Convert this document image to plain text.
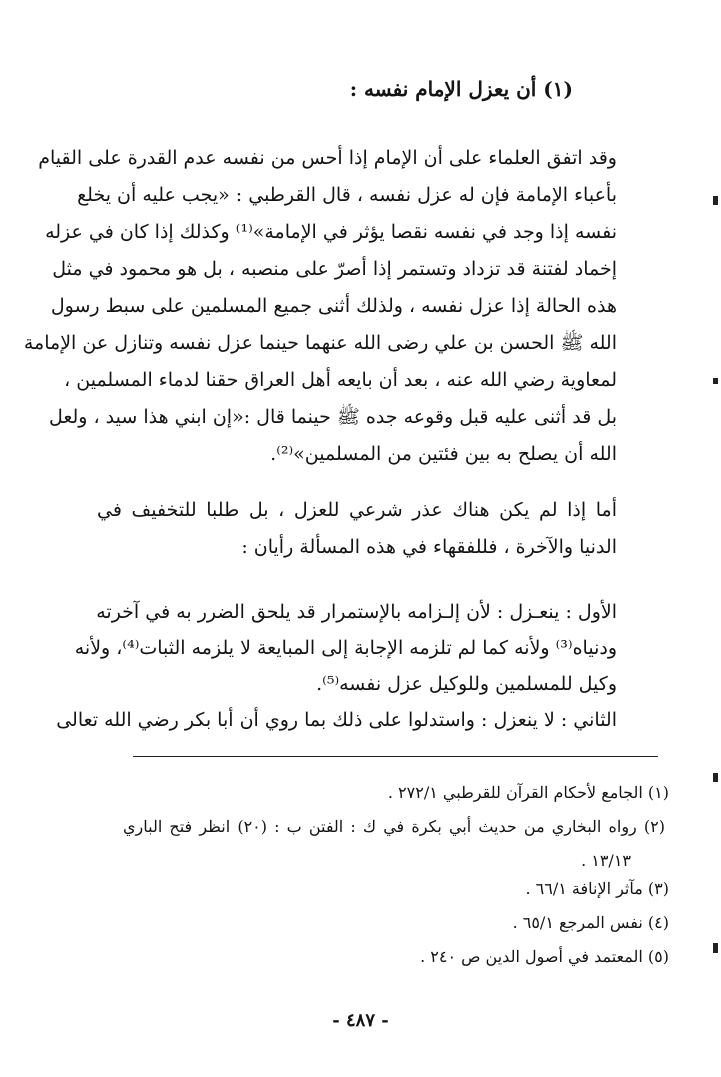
(١) أن يعزل الإمام نفسه :
وقد اتفق العلماء على أن الإمام إذا أحس من نفسه عدم القدرة على القيام
بأعباء الإمامة فإن له عزل نفسه ، قال القرطبي : «يجب عليه أن يخلع
نفسه إذا وجد في نفسه نقصا يؤثر في الإمامة»⁽¹⁾ وكذلك إذا كان في عزله
إخماد لفتنة قد تزداد وتستمر إذا أصرّ على منصبه ، بل هو محمود في مثل
هذه الحالة إذا عزل نفسه ، ولذلك أثنى جميع المسلمين على سبط رسول
الله ﷺ الحسن بن علي رضى الله عنهما حينما عزل نفسه وتنازل عن الإمامة
لمعاوية رضي الله عنه ، بعد أن بايعه أهل العراق حقنا لدماء المسلمين ،
بل قد أثنى عليه قبل وقوعه جده ﷺ حينما قال :«إن ابني هذا سيد ، ولعل
الله أن يصلح به بين فئتين من المسلمين»⁽²⁾.
أما إذا لم يكن هناك عذر شرعي للعزل ، بل طلبا للتخفيف في
الدنيا والآخرة ، فللفقهاء في هذه المسألة رأيان :
الأول : ينعـزل : لأن إلـزامه بالإستمرار قد يلحق الضرر به في آخرته
ودنياه⁽³⁾ ولأنه كما لم تلزمه الإجابة إلى المبايعة لا يلزمه الثبات⁽⁴⁾، ولأنه
وكيل للمسلمين وللوكيل عزل نفسه⁽⁵⁾.
الثاني : لا ينعزل : واستدلوا على ذلك بما روي أن أبا بكر رضي الله تعالى
(١) الجامع لأحكام القرآن للقرطبي ٢٧٢/١ .
(٢) رواه البخاري من حديث أبي بكرة في ك : الفتن ب : (٢٠) انظر فتح الباري
١٣/١٣ .
(٣) مآثر الإنافة ٦٦/١ .
(٤) نفس المرجع ٦٥/١ .
(٥) المعتمد في أصول الدين ص ٢٤٠ .
- ٤٨٧ -
